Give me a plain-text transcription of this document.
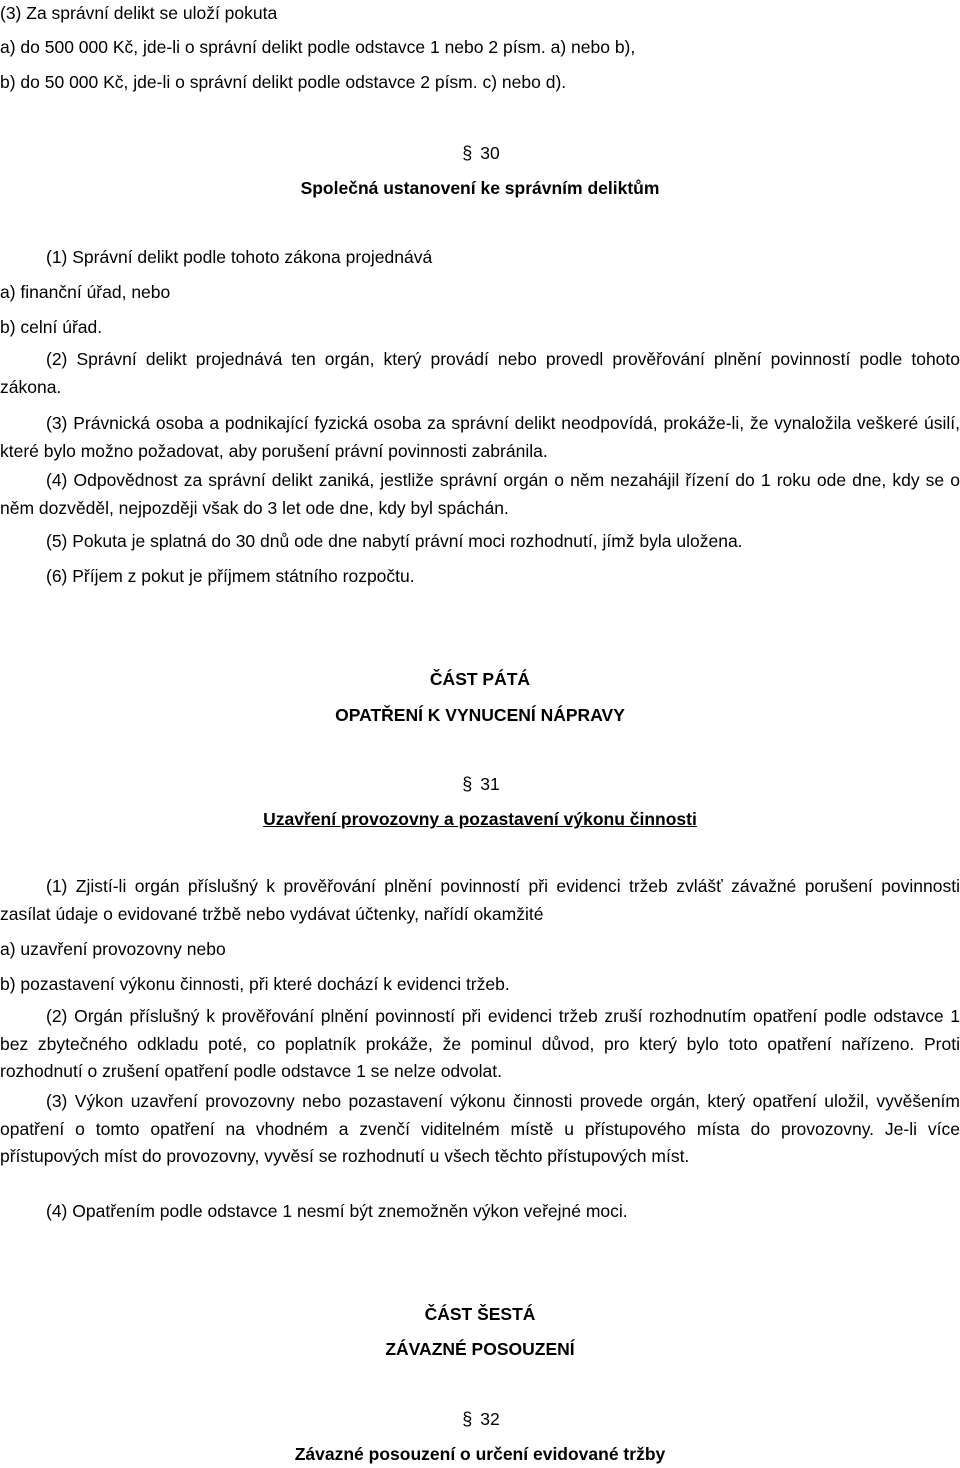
(3) Za správní delikt se uloží pokuta
a) do 500 000 Kč, jde-li o správní delikt podle odstavce 1 nebo 2 písm. a) nebo b),
b) do 50 000 Kč, jde-li o správní delikt podle odstavce 2 písm. c) nebo d).
§ 30
Společná ustanovení ke správním deliktům
(1) Správní delikt podle tohoto zákona projednává
a) finanční úřad, nebo
b) celní úřad.
(2) Správní delikt projednává ten orgán, který provádí nebo provedl prověřování plnění povinností podle tohoto zákona.
(3) Právnická osoba a podnikající fyzická osoba za správní delikt neodpovídá, prokáže-li, že vynaložila veškeré úsilí, které bylo možno požadovat, aby porušení právní povinnosti zabránila.
(4) Odpovědnost za správní delikt zaniká, jestliže správní orgán o něm nezahájil řízení do 1 roku ode dne, kdy se o něm dozvěděl, nejpozději však do 3 let ode dne, kdy byl spáchán.
(5) Pokuta je splatná do 30 dnů ode dne nabytí právní moci rozhodnutí, jímž byla uložena.
(6) Příjem z pokut je příjmem státního rozpočtu.
ČÁST PÁTÁ
OPATŘENÍ K VYNUCENÍ NÁPRAVY
§ 31
Uzavření provozovny a pozastavení výkonu činnosti
(1) Zjistí-li orgán příslušný k prověřování plnění povinností při evidenci tržeb zvlášť závažné porušení povinnosti zasílat údaje o evidované tržbě nebo vydávat účtenky, nařídí okamžité
a) uzavření provozovny nebo
b) pozastavení výkonu činnosti, při které dochází k evidenci tržeb.
(2) Orgán příslušný k prověřování plnění povinností při evidenci tržeb zruší rozhodnutím opatření podle odstavce 1 bez zbytečného odkladu poté, co poplatník prokáže, že pominul důvod, pro který bylo toto opatření nařízeno. Proti rozhodnutí o zrušení opatření podle odstavce 1 se nelze odvolat.
(3) Výkon uzavření provozovny nebo pozastavení výkonu činnosti provede orgán, který opatření uložil, vyvěšením opatření o tomto opatření na vhodném a zvenčí viditelném místě u přístupového místa do provozovny. Je-li více přístupových míst do provozovny, vyvěsí se rozhodnutí u všech těchto přístupových míst.
(4) Opatřením podle odstavce 1 nesmí být znemožněn výkon veřejné moci.
ČÁST ŠESTÁ
ZÁVAZNÉ POSOUZENÍ
§ 32
Závazné posouzení o určení evidované tržby
